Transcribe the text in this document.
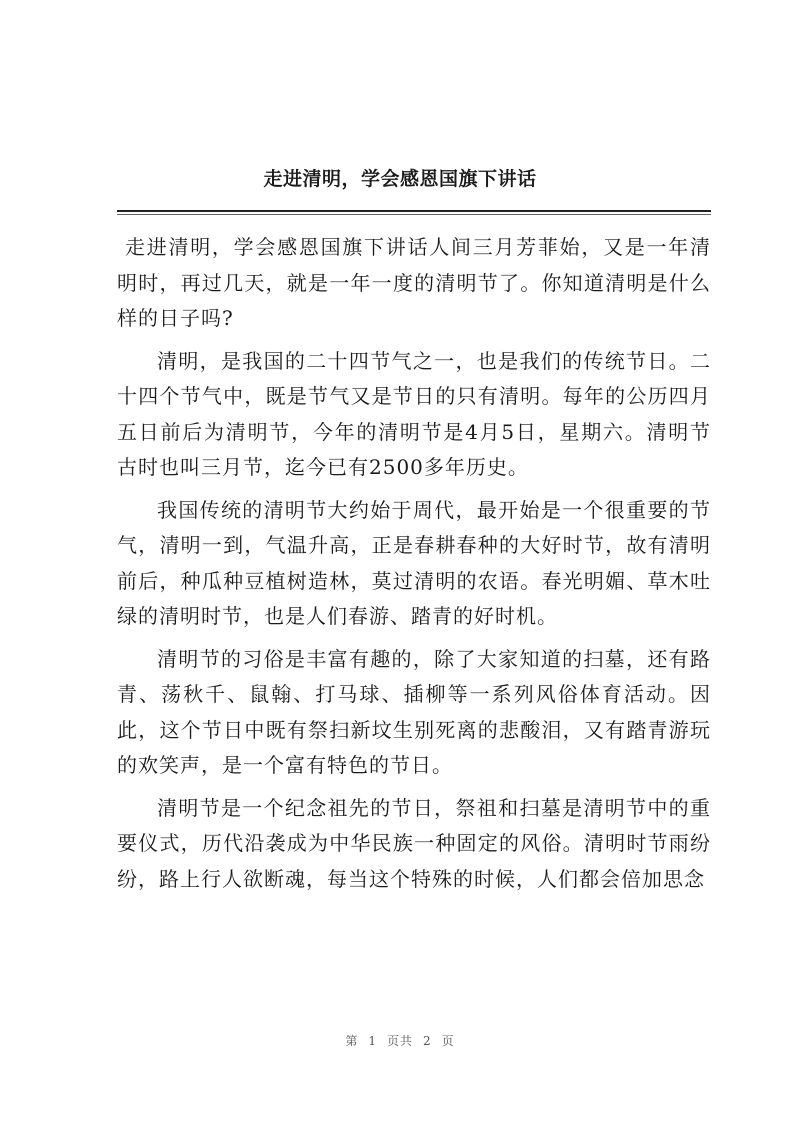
走进清明，学会感恩国旗下讲话

走进清明，学会感恩国旗下讲话人间三月芳菲始，又是一年清明时，再过几天，就是一年一度的清明节了。你知道清明是什么样的日子吗?

清明，是我国的二十四节气之一，也是我们的传统节日。二十四个节气中，既是节气又是节日的只有清明。每年的公历四月五日前后为清明节，今年的清明节是4月5日，星期六。清明节古时也叫三月节，迄今已有2500多年历史。

我国传统的清明节大约始于周代，最开始是一个很重要的节气，清明一到，气温升高，正是春耕春种的大好时节，故有清明前后，种瓜种豆植树造林，莫过清明的农语。春光明媚、草木吐绿的清明时节，也是人们春游、踏青的好时机。

清明节的习俗是丰富有趣的，除了大家知道的扫墓，还有路青、荡秋千、鼠翰、打马球、插柳等一系列风俗体育活动。因此，这个节日中既有祭扫新坟生别死离的悲酸泪，又有踏青游玩的欢笑声，是一个富有特色的节日。

清明节是一个纪念祖先的节日，祭祖和扫墓是清明节中的重要仪式，历代沿袭成为中华民族一种固定的风俗。清明时节雨纷纷，路上行人欲断魂，每当这个特殊的时候，人们都会倍加思念

第 1 页共 2 页
